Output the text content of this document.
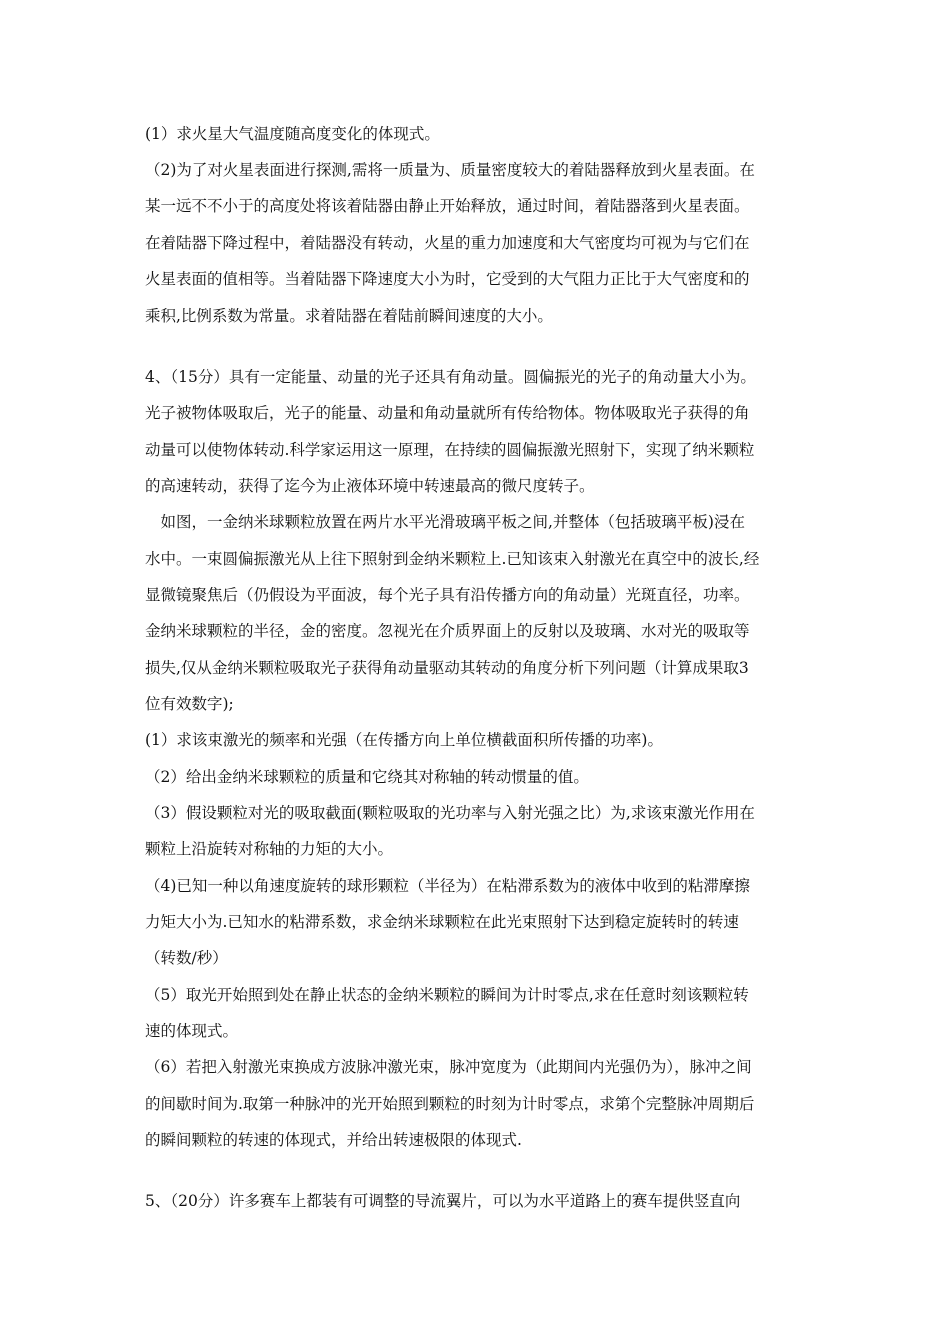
(1）求火星大气温度随高度变化的体现式。
（2)为了对火星表面进行探测,需将一质量为、质量密度较大的着陆器释放到火星表面。在
某一远不不小于的高度处将该着陆器由静止开始释放，通过时间，着陆器落到火星表面。
在着陆器下降过程中，着陆器没有转动，火星的重力加速度和大气密度均可视为与它们在
火星表面的值相等。当着陆器下降速度大小为时，它受到的大气阻力正比于大气密度和的
乘积,比例系数为常量。求着陆器在着陆前瞬间速度的大小。
4、（15分）具有一定能量、动量的光子还具有角动量。圆偏振光的光子的角动量大小为。
光子被物体吸取后，光子的能量、动量和角动量就所有传给物体。物体吸取光子获得的角
动量可以使物体转动.科学家运用这一原理，在持续的圆偏振激光照射下，实现了纳米颗粒
的高速转动，获得了迄今为止液体环境中转速最高的微尺度转子。
　如图，一金纳米球颗粒放置在两片水平光滑玻璃平板之间,并整体（包括玻璃平板)浸在
水中。一束圆偏振激光从上往下照射到金纳米颗粒上.已知该束入射激光在真空中的波长,经
显微镜聚焦后（仍假设为平面波，每个光子具有沿传播方向的角动量）光斑直径，功率。
金纳米球颗粒的半径，金的密度。忽视光在介质界面上的反射以及玻璃、水对光的吸取等
损失,仅从金纳米颗粒吸取光子获得角动量驱动其转动的角度分析下列问题（计算成果取3
位有效数字);
(1）求该束激光的频率和光强（在传播方向上单位横截面积所传播的功率)。
（2）给出金纳米球颗粒的质量和它绕其对称轴的转动惯量的值。
（3）假设颗粒对光的吸取截面(颗粒吸取的光功率与入射光强之比）为,求该束激光作用在
颗粒上沿旋转对称轴的力矩的大小。
（4)已知一种以角速度旋转的球形颗粒（半径为）在粘滞系数为的液体中收到的粘滞摩擦
力矩大小为.已知水的粘滞系数，求金纳米球颗粒在此光束照射下达到稳定旋转时的转速
（转数/秒）
（5）取光开始照到处在静止状态的金纳米颗粒的瞬间为计时零点,求在任意时刻该颗粒转
速的体现式。
（6）若把入射激光束换成方波脉冲激光束，脉冲宽度为（此期间内光强仍为），脉冲之间
的间歇时间为.取第一种脉冲的光开始照到颗粒的时刻为计时零点，求第个完整脉冲周期后
的瞬间颗粒的转速的体现式，并给出转速极限的体现式.
5、（20分）许多赛车上都装有可调整的导流翼片，可以为水平道路上的赛车提供竖直向
